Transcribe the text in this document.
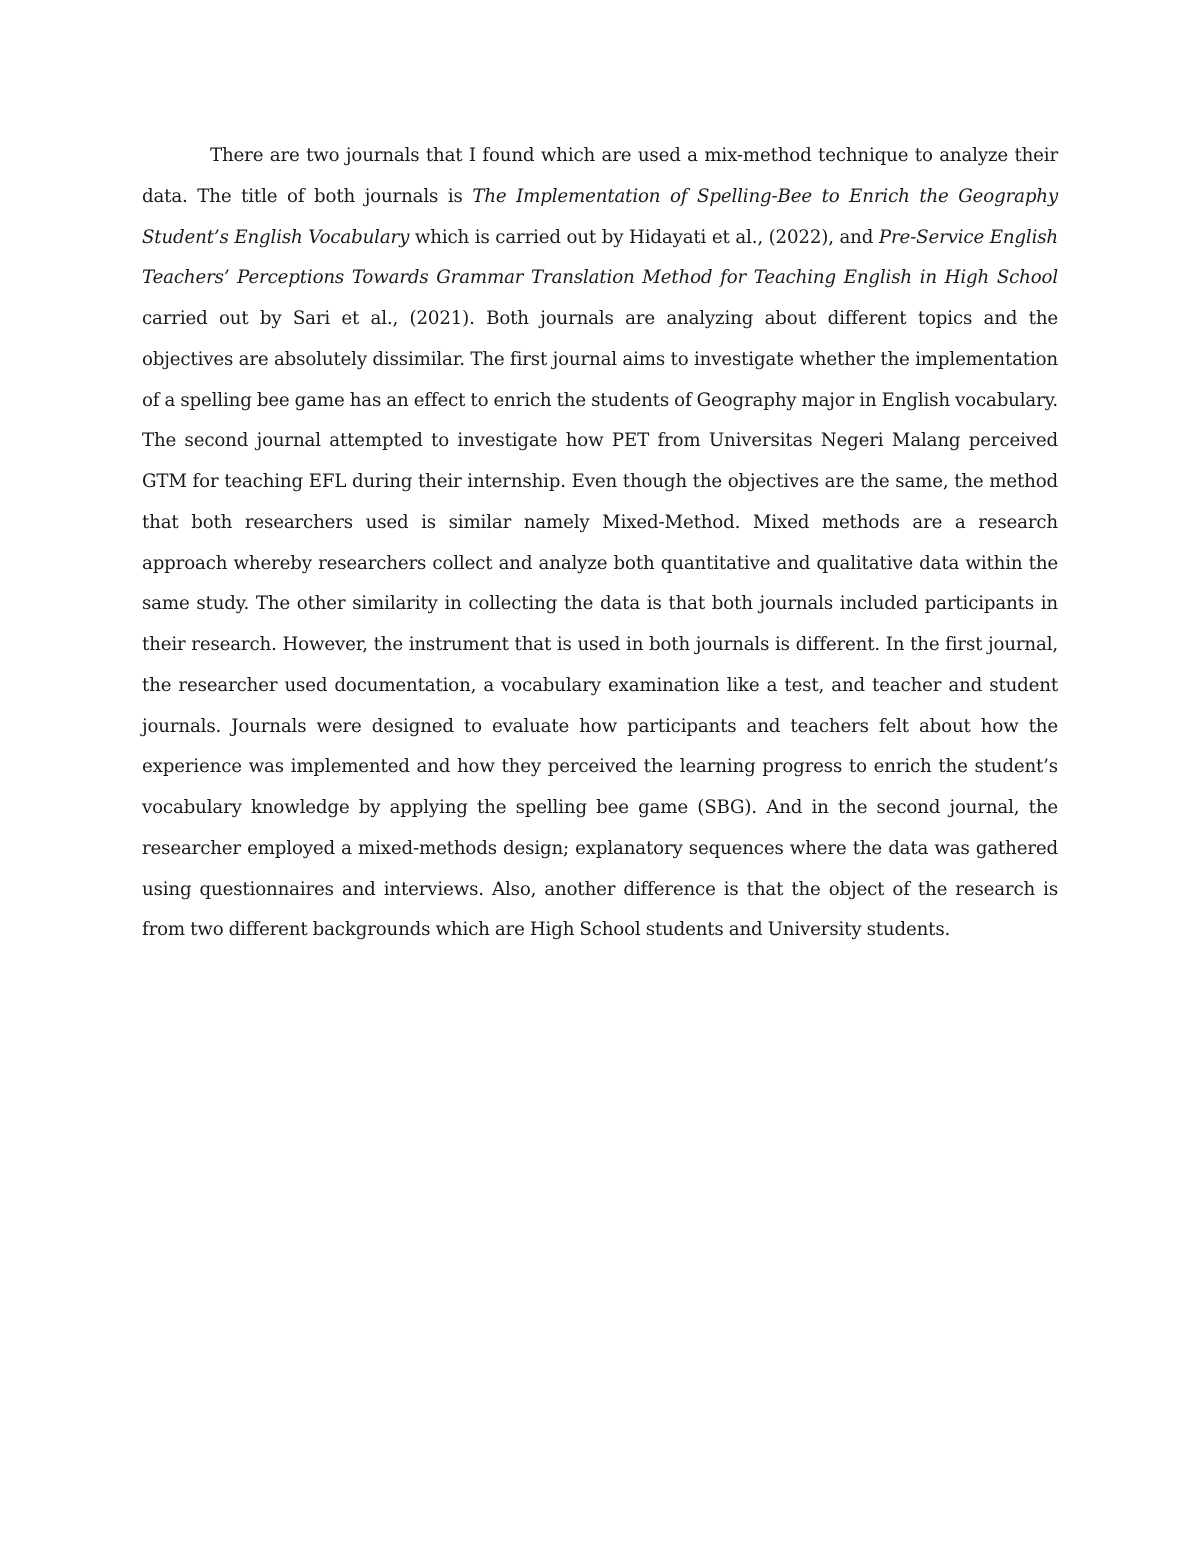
There are two journals that I found which are used a mix-method technique to analyze their data. The title of both journals is The Implementation of Spelling-Bee to Enrich the Geography Student’s English Vocabulary which is carried out by Hidayati et al., (2022), and Pre-Service English Teachers’ Perceptions Towards Grammar Translation Method for Teaching English in High School carried out by Sari et al., (2021). Both journals are analyzing about different topics and the objectives are absolutely dissimilar. The first journal aims to investigate whether the implementation of a spelling bee game has an effect to enrich the students of Geography major in English vocabulary. The second journal attempted to investigate how PET from Universitas Negeri Malang perceived GTM for teaching EFL during their internship. Even though the objectives are the same, the method that both researchers used is similar namely Mixed-Method. Mixed methods are a research approach whereby researchers collect and analyze both quantitative and qualitative data within the same study. The other similarity in collecting the data is that both journals included participants in their research. However, the instrument that is used in both journals is different. In the first journal, the researcher used documentation, a vocabulary examination like a test, and teacher and student journals. Journals were designed to evaluate how participants and teachers felt about how the experience was implemented and how they perceived the learning progress to enrich the student’s vocabulary knowledge by applying the spelling bee game (SBG). And in the second journal, the researcher employed a mixed-methods design; explanatory sequences where the data was gathered using questionnaires and interviews. Also, another difference is that the object of the research is from two different backgrounds which are High School students and University students.
